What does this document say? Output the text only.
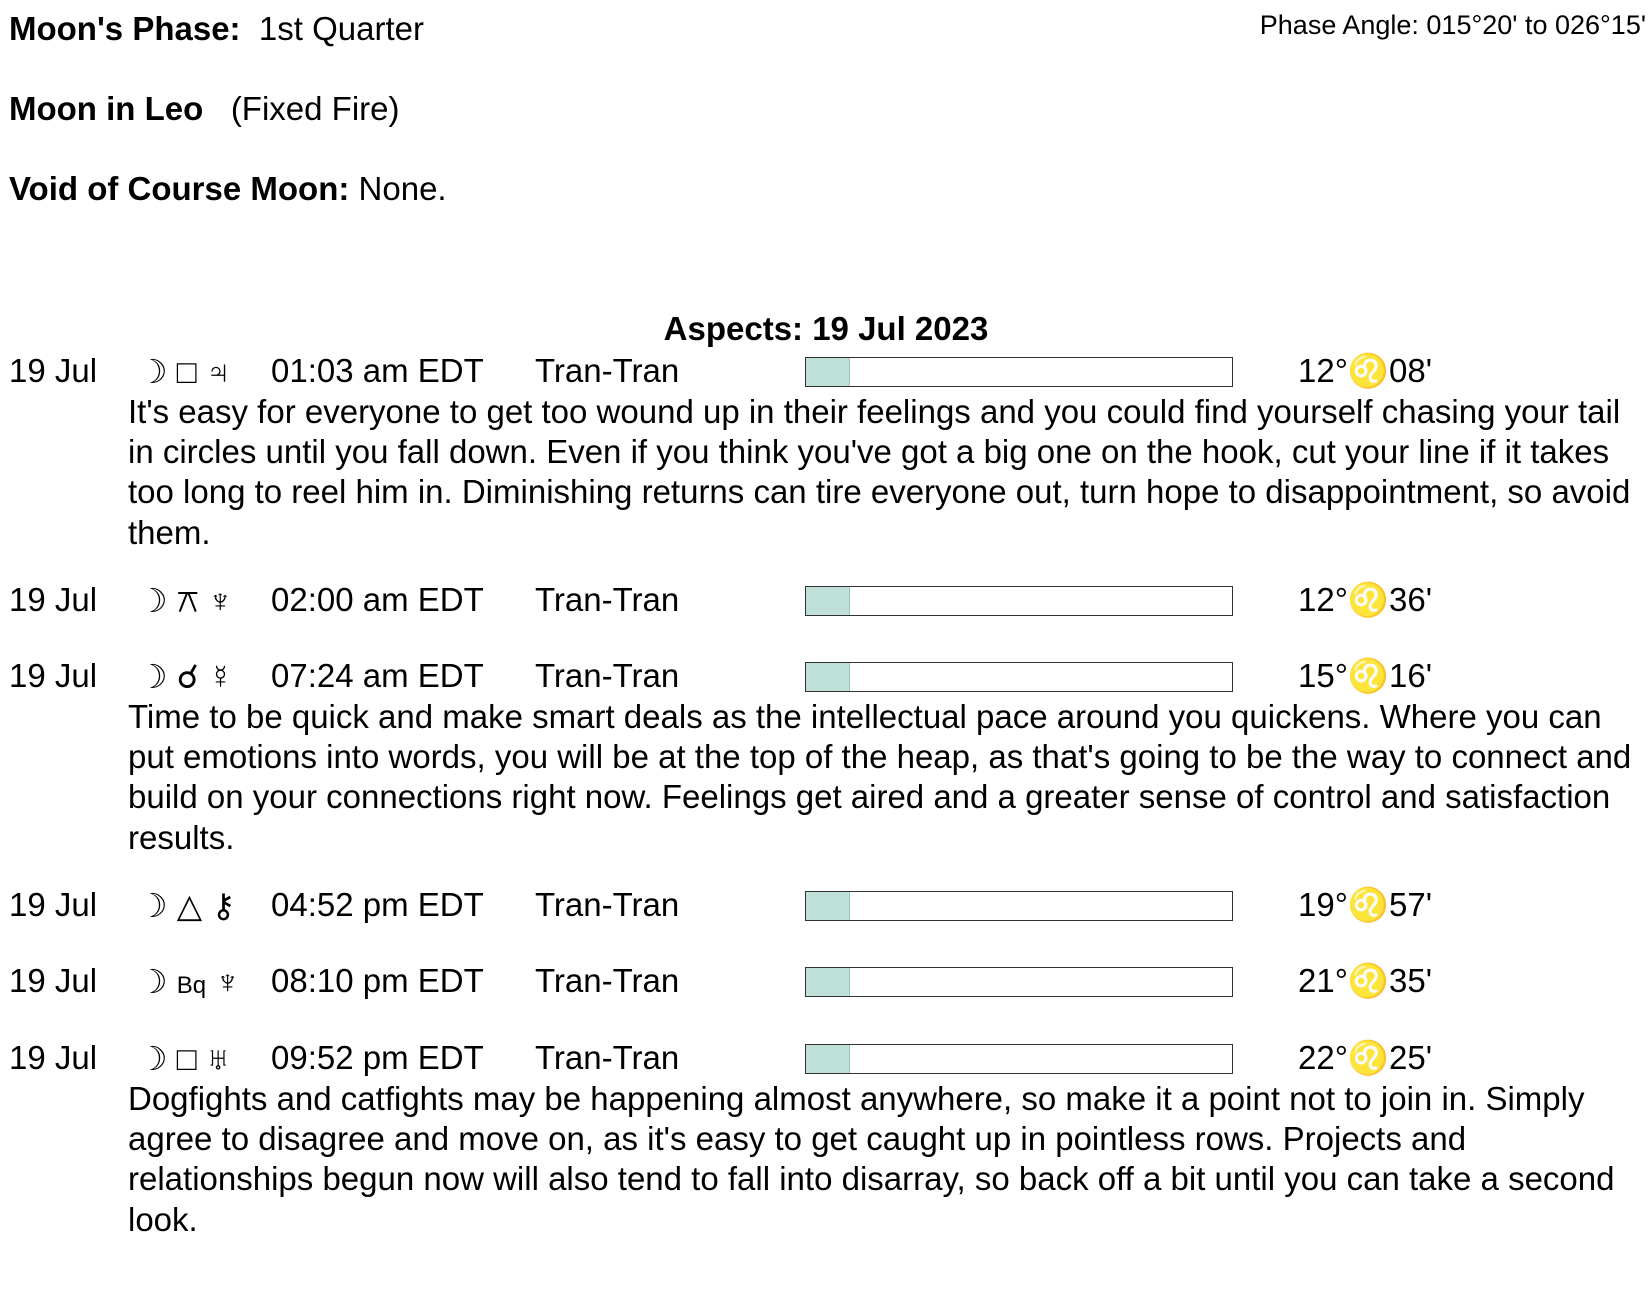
Moon's Phase: 1st Quarter	Phase Angle: 015°20' to 026°15'
Moon in Leo (Fixed Fire)
Void of Course Moon: None.
Aspects: 19 Jul 2023
19 Jul ☽ □ ♃ 01:03 am EDT Tran-Tran	12°♌08'

It's easy for everyone to get too wound up in their feelings and you could find yourself chasing your tail in circles until you fall down. Even if you think you've got a big one on the hook, cut your line if it takes too long to reel him in. Diminishing returns can tire everyone out, turn hope to disappointment, so avoid them.

19 Jul ☽ ⚻ ♆ 02:00 am EDT Tran-Tran	12°♌36'
19 Jul ☽ ☌ ☿ 07:24 am EDT Tran-Tran	15°♌16'

Time to be quick and make smart deals as the intellectual pace around you quickens. Where you can put emotions into words, you will be at the top of the heap, as that's going to be the way to connect and build on your connections right now. Feelings get aired and a greater sense of control and satisfaction results.

19 Jul ☽ △ ⚷ 04:52 pm EDT Tran-Tran	19°♌57'
19 Jul ☽ Bq ♆ 08:10 pm EDT Tran-Tran	21°♌35'
19 Jul ☽ □ ♅ 09:52 pm EDT Tran-Tran	22°♌25'

Dogfights and catfights may be happening almost anywhere, so make it a point not to join in. Simply agree to disagree and move on, as it's easy to get caught up in pointless rows. Projects and relationships begun now will also tend to fall into disarray, so back off a bit until you can take a second look.
